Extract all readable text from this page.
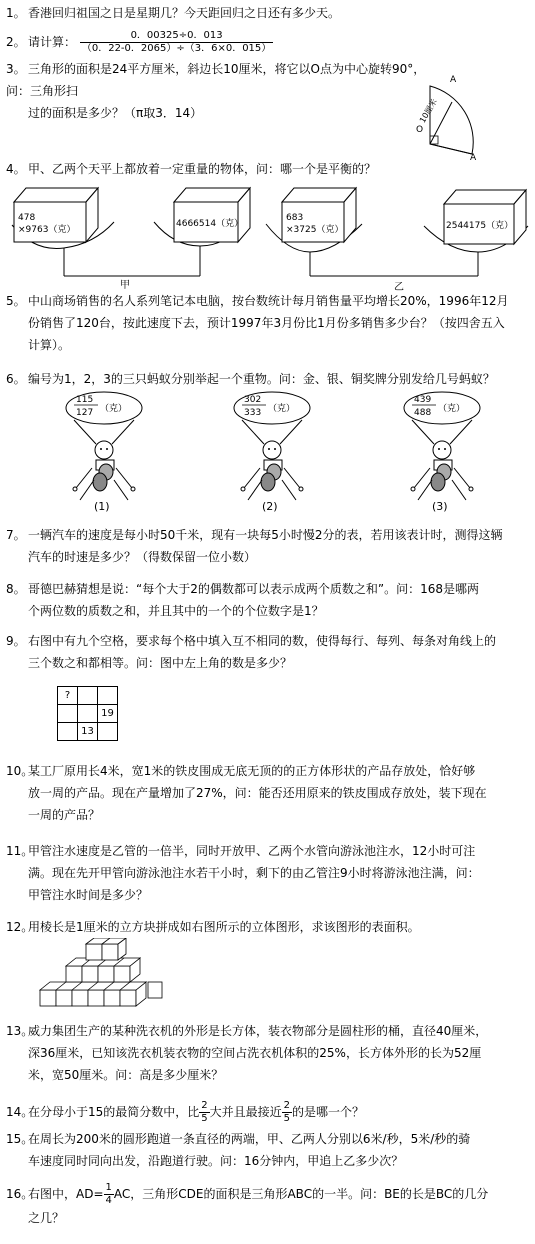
1。 香港回归祖国之日是星期几？今天距回归之日还有多少天。
2。 请计算： $\frac{0.00325\div 0.013}{(0.22-0.2065)\div(3.6\times 0.015)}$
3。 三角形的面积是24平方厘米，斜边长10厘米，将它以O点为中心旋转90°，问：三角形扫
过的面积是多少？（π取3．14）
O
A
A
10厘米
4。 甲、乙两个天平上都放着一定重量的物体，问：哪一个是平衡的？
478
×9763（克）
4666514（克）
甲
683
×3725（克）	2544175（克）
乙
5。 中山商场销售的名人系列笔记本电脑，按台数统计每月销售量平均增长20%，1996年12月
份销售了120台，按此速度下去，预计1997年3月份比1月份多销售多少台？（按四舍五入
计算）。
6。 编号为1，2，3的三只蚂蚁分别举起一个重物。问：金、银、铜奖牌分别发给几号蚂蚁？
115
127 （克）
(1)
302
333 （克）
(2)
439
488 （克）
(3)
7。 一辆汽车的速度是每小时50千米，现有一块每5小时慢2分的表，若用该表计时，测得这辆
汽车的时速是多少？（得数保留一位小数）
8。 哥德巴赫猜想是说：“每个大于2的偶数都可以表示成两个质数之和”。问：168是哪两
个两位数的质数之和，并且其中的一个的个位数字是1？
9。 右图中有九个空格，要求每个格中填入互不相同的数，使得每行、每列、每条对角线上的
三个数之和都相等。问：图中左上角的数是多少？
?		
		19
	13	
10。某工厂原用长4米，宽1米的铁皮围成无底无顶的的正方体形状的产品存放处，恰好够
放一周的产品。现在产量增加了27%，问：能否还用原来的铁皮围成存放处，装下现在
一周的产品？
11。甲管注水速度是乙管的一倍半，同时开放甲、乙两个水管向游泳池注水，12小时可注
满。现在先开甲管向游泳池注水若干小时，剩下的由乙管注9小时将游泳池注满，问：
甲管注水时间是多少？
12。用棱长是1厘米的立方块拼成如右图所示的立体图形，求该图形的表面积。
13。威力集团生产的某种洗衣机的外形是长方体，装衣物部分是圆柱形的桶，直径40厘米，
深36厘米，已知该洗衣机装衣物的空间占洗衣机体积的25%，长方体外形的长为52厘
米，宽50厘米。问：高是多少厘米？
14。在分母小于15的最简分数中，比 $\frac{2}{5}$ 大并且最接近 $\frac{2}{5}$ 的是哪一个？
15。在周长为200米的圆形跑道一条直径的两端，甲、乙两人分别以6米/秒，5米/秒的骑
车速度同时同向出发，沿跑道行驶。问：16分钟内，甲追上乙多少次？
16。右图中，$AD= \frac{1}{4}$ AC，三角形CDE的面积是三角形ABC的一半。问：BE的长是BC的几分
之几？
